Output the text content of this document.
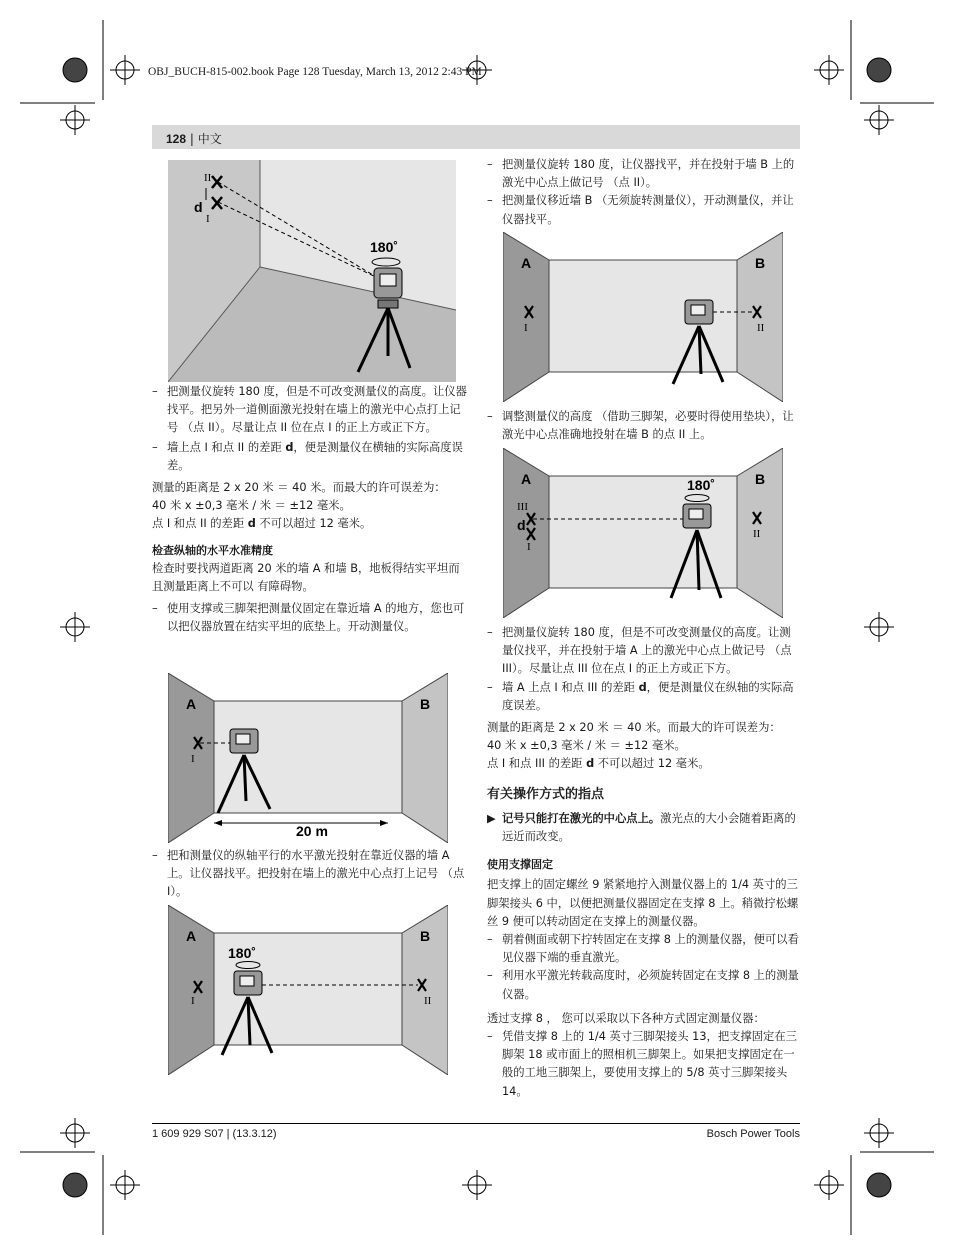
OBJ_BUCH-815-002.book Page 128 Tuesday, March 13, 2012 2:43 PM
128 | 中文
II
d
I
180˚
A	B
I
20 m
A	B
180˚
I	II
– 把测量仪旋转 180 度，但是不可改变测量仪的高度。让仪器找平。把另外一道侧面激光投射在墙上的激光中心点打上记号 （点 II）。尽量让点 II 位在点 I 的正上方或正下方。
– 墙上点 I 和点 II 的差距 d，便是测量仪在横轴的实际高度误差。

测量的距离是 2 x 20 米 ＝ 40 米。而最大的许可误差为：

40 米 x ±0,3 毫米 / 米 ＝ ±12 毫米。

点 I 和点 II 的差距 d 不可以超过 12 毫米。

检查纵轴的水平水准精度

检查时要找两道距离 20 米的墙 A 和墙 B，地板得结实平坦而且测量距离上不可以 有障碍物。

– 使用支撑或三脚架把测量仪固定在靠近墙 A 的地方，您也可以把仪器放置在结实平坦的底垫上。开动测量仪。
– 把和测量仪的纵轴平行的水平激光投射在靠近仪器的墙 A 上。让仪器找平。把投射在墙上的激光中心点打上记号 （点 I）。
– 把测量仪旋转 180 度，让仪器找平，并在投射于墙 B 上的激光中心点上做记号 （点 II）。
– 把测量仪移近墙 B （无须旋转测量仪），开动测量仪，并让仪器找平。
A	B
I	II
– 调整测量仪的高度 （借助三脚架，必要时得使用垫块），让激光中心点准确地投射在墙 B 的点 II 上。
A	B
180˚
III
d
I
II
– 把测量仪旋转 180 度，但是不可改变测量仪的高度。让测量仪找平，并在投射于墙 A 上的激光中心点上做记号 （点 III）。尽量让点 III 位在点 I 的正上方或正下方。
– 墙 A 上点 I 和点 III 的差距 d，便是测量仪在纵轴的实际高度误差。

测量的距离是 2 x 20 米 ＝ 40 米。而最大的许可误差为：

40 米 x ±0,3 毫米 / 米 ＝ ±12 毫米。

点 I 和点 III 的差距 d 不可以超过 12 毫米。

有关操作方式的指点

▶ 记号只能打在激光的中心点上。激光点的大小会随着距离的远近而改变。

使用支撑固定

把支撑上的固定螺丝 9 紧紧地拧入测量仪器上的 1/4 英寸的三脚架接头 6 中，以便把测量仪器固定在支撑 8 上。稍微拧松螺丝 9 便可以转动固定在支撑上的测量仪器。

– 朝着侧面或朝下拧转固定在支撑 8 上的测量仪器，便可以看见仪器下端的垂直激光。
– 利用水平激光转载高度时，必须旋转固定在支撑 8 上的测量仪器。

透过支撑 8 ， 您可以采取以下各种方式固定测量仪器：

– 凭借支撑 8 上的 1/4 英寸三脚架接头 13，把支撑固定在三脚架 18 或市面上的照相机三脚架上。如果把支撑固定在一般的工地三脚架上，要使用支撑上的 5/8 英寸三脚架接头 14。
1 609 929 S07 | (13.3.12)	Bosch Power Tools
